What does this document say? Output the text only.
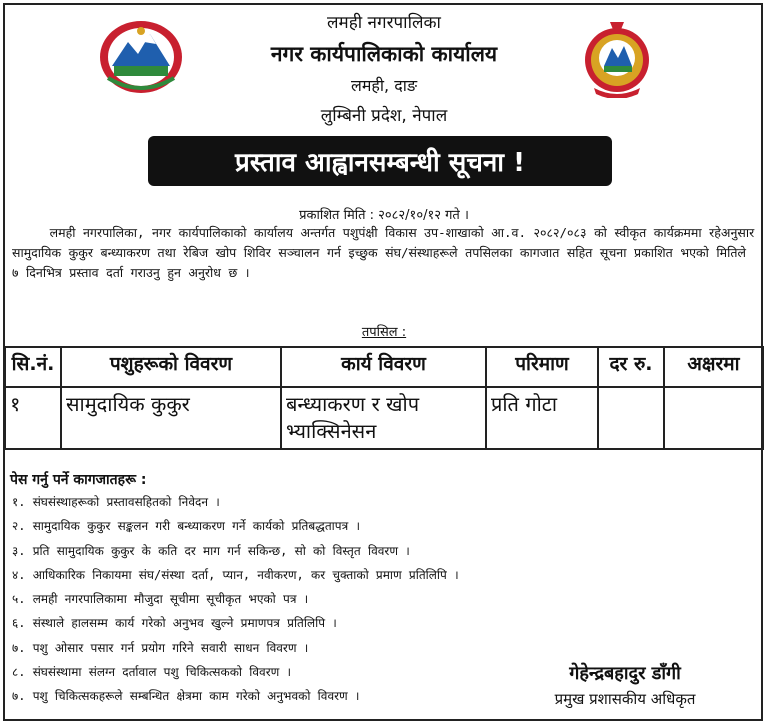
लमही नगरपालिका
नगर कार्यपालिकाको कार्यालय
लमही, दाङ
लुम्बिनी प्रदेश, नेपाल
प्रस्ताव आह्वानसम्बन्धी सूचना !
प्रकाशित मिति : २०८२/१०/१२ गते ।
लमही नगरपालिका, नगर कार्यपालिकाको कार्यालय अन्तर्गत पशुपंक्षी विकास उप-शाखाको आ.व. २०८२/०८३ को स्वीकृत कार्यक्रममा रहेअनुसार सामुदायिक कुकुर बन्ध्याकरण तथा रेबिज खोप शिविर सञ्चालन गर्न इच्छुक संघ/संस्थाहरूले तपसिलका कागजात सहित सूचना प्रकाशित भएको मितिले ७ दिनभित्र प्रस्ताव दर्ता गराउनु हुन अनुरोध छ ।
तपसिल :
सि.नं.	पशुहरूको विवरण	कार्य विवरण	परिमाण	दर रु.	अक्षरमा
१	सामुदायिक कुकुर	बन्ध्याकरण र खोप भ्याक्सिनेसन	प्रति गोटा		
पेस गर्नु पर्ने कागजातहरू :
१. संघसंस्थाहरूको प्रस्तावसहितको निवेदन ।
२. सामुदायिक कुकुर सङ्कलन गरी बन्ध्याकरण गर्ने कार्यको प्रतिबद्धतापत्र ।
३. प्रति सामुदायिक कुकुर के कति दर माग गर्न सकिन्छ, सो को विस्तृत विवरण ।
४. आधिकारिक निकायमा संघ/संस्था दर्ता, प्यान, नवीकरण, कर चुक्ताको प्रमाण प्रतिलिपि ।
५. लमही नगरपालिकामा मौजुदा सूचीमा सूचीकृत भएको पत्र ।
६. संस्थाले हालसम्म कार्य गरेको अनुभव खुल्ने प्रमाणपत्र प्रतिलिपि ।
७. पशु ओसार पसार गर्न प्रयोग गरिने सवारी साधन विवरण ।
८. संघसंस्थामा संलग्न दर्तावाल पशु चिकित्सकको विवरण ।
७. पशु चिकित्सकहरूले सम्बन्धित क्षेत्रमा काम गरेको अनुभवको विवरण ।
गेहेन्द्रबहादुर डाँगी
प्रमुख प्रशासकीय अधिकृत
